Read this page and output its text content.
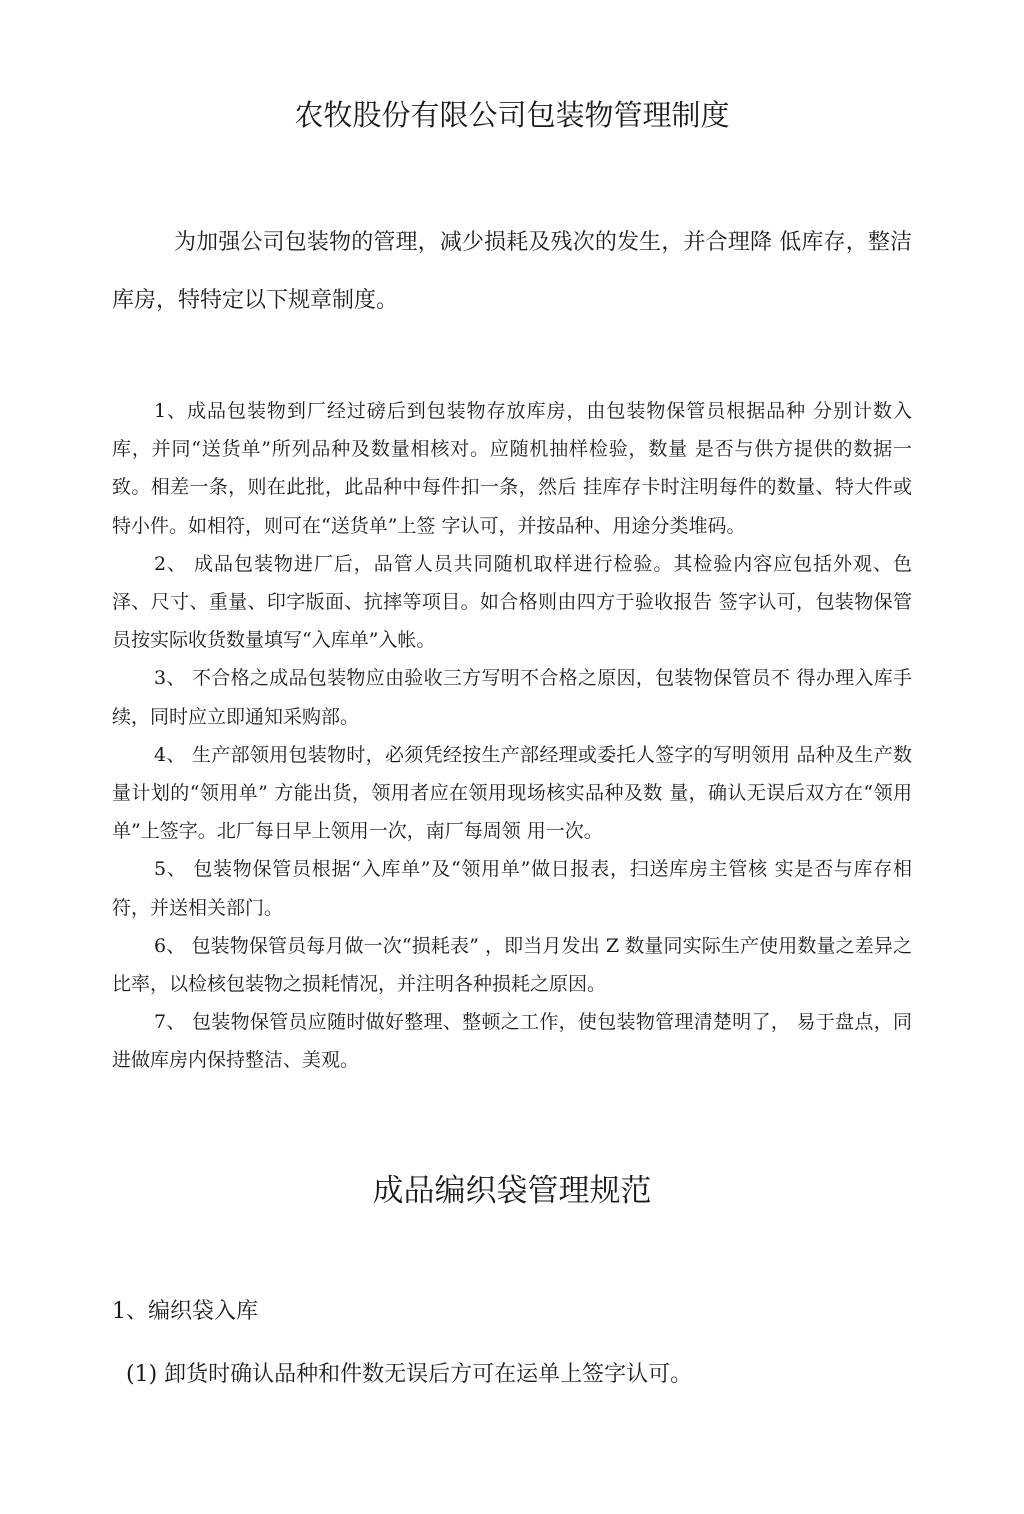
农牧股份有限公司包装物管理制度

为加强公司包装物的管理，减少损耗及残次的发生，并合理降 低库存，整洁库房，特特定以下规章制度。

1、成品包装物到厂经过磅后到包装物存放库房，由包装物保管员根据品种 分别计数入库，并同“送货单”所列品种及数量相核对。应随机抽样检验，数量 是否与供方提供的数据一致。相差一条，则在此批，此品种中每件扣一条，然后 挂库存卡时注明每件的数量、特大件或特小件。如相符，则可在“送货单”上签 字认可，并按品种、用途分类堆码。

2、 成品包装物进厂后，品管人员共同随机取样进行检验。其检验内容应包括外观、色泽、尺寸、重量、印字版面、抗摔等项目。如合格则由四方于验收报告 签字认可，包装物保管员按实际收货数量填写“入库单”入帐。

3、 不合格之成品包装物应由验收三方写明不合格之原因，包装物保管员不 得办理入库手续，同时应立即通知采购部。

4、 生产部领用包装物时，必须凭经按生产部经理或委托人签字的写明领用 品种及生产数量计划的“领用单” 方能出货，领用者应在领用现场核实品种及数 量，确认无误后双方在“领用单”上签字。北厂每日早上领用一次，南厂每周领 用一次。

5、 包装物保管员根据“入库单”及“领用单”做日报表，扫送库房主管核 实是否与库存相符，并送相关部门。

6、 包装物保管员每月做一次“损耗表” ，即当月发出 Z 数量同实际生产使用数量之差异之比率，以检核包装物之损耗情况，并注明各种损耗之原因。

7、 包装物保管员应随时做好整理、整顿之工作，使包装物管理清楚明了， 易于盘点，同进做库房内保持整洁、美观。

成品编织袋管理规范

1、编织袋入库

(1) 卸货时确认品种和件数无误后方可在运单上签字认可。
